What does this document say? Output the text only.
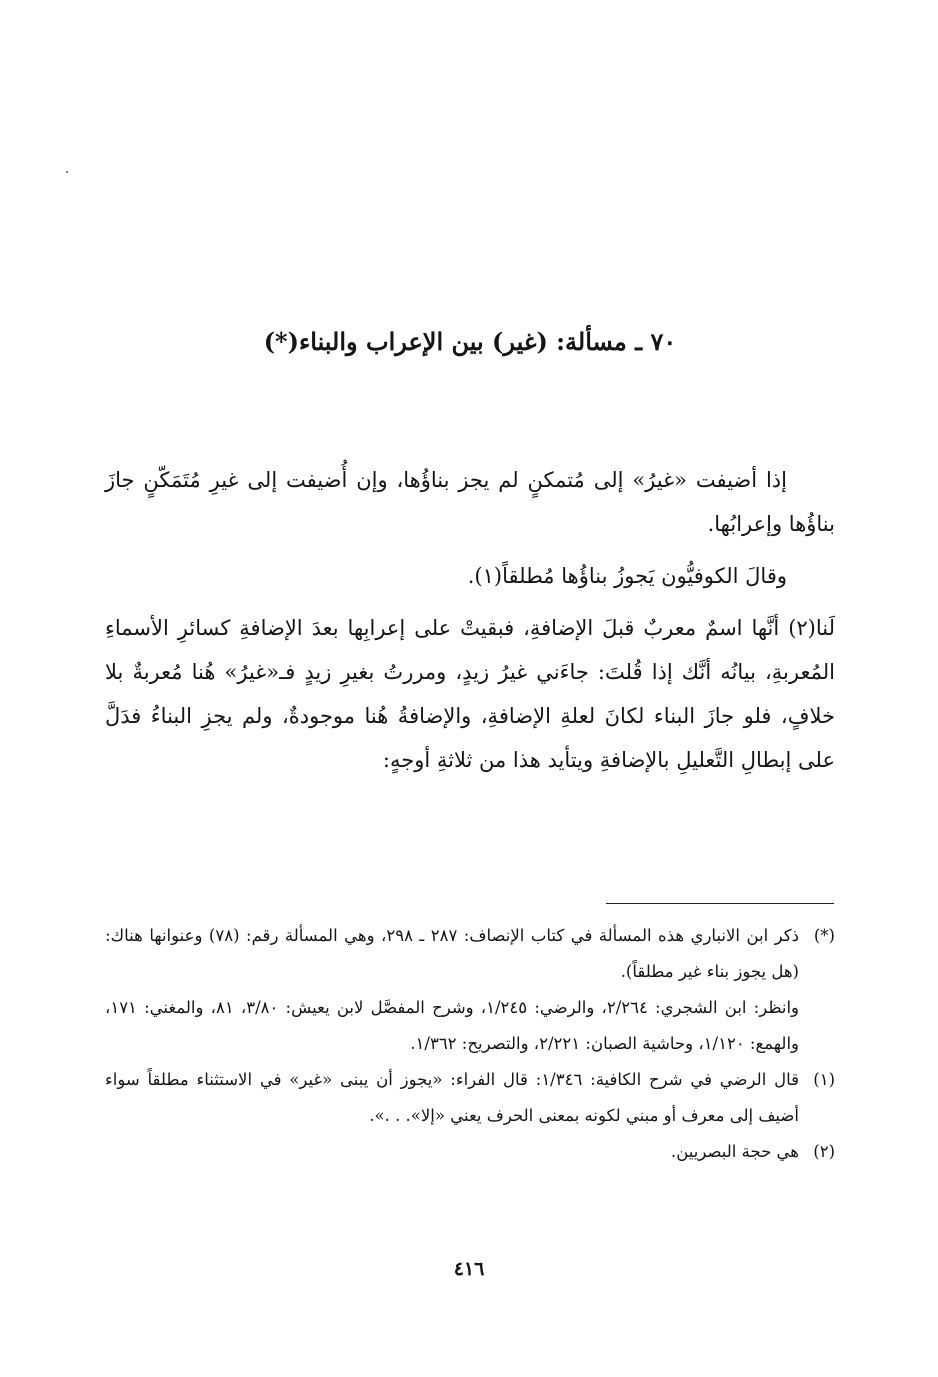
٧٠ ـ مسألة: (غير) بين الإعراب والبناء(*)

إذا أضيفت «غيرُ» إلى مُتمكنٍ لم يجز بناؤُها، وإن أُضيفت إلى غيرِ مُتَمَكّنٍ جازَ بناؤُها وإعرابُها.

وقالَ الكوفيُّون يَجوزُ بناؤُها مُطلقاً(١).

لَنا(٢) أنَّها اسمٌ معربٌ قبلَ الإضافةِ، فبقيتْ على إعرابِها بعدَ الإضافةِ كسائرِ الأسماءِ المُعربةِ، بيانُه أنَّك إذا قُلتَ: جاءَني غيرُ زيدٍ، ومررتُ بغيرِ زيدٍ فـ«غيرُ» هُنا مُعربةٌ بلا خلافٍ، فلو جازَ البناء لكانَ لعلةِ الإضافةِ، والإضافةُ هُنا موجودةٌ، ولم يجزِ البناءُ فدَلَّ على إبطالِ التَّعليلِ بالإضافةِ ويتأيد هذا من ثلاثةِ أوجهٍ:

(*)ذكر ابن الانباري هذه المسألة في كتاب الإنصاف: ٢٨٧ ـ ٢٩٨، وهي المسألة رقم: (٧٨) وعنوانها هناك: (هل يجوز بناء غير مطلقاً).

وانظر: ابن الشجري: ٢/٢٦٤، والرضي: ١/٢٤٥، وشرح المفصَّل لابن يعيش: ٣/٨٠، ٨١، والمغني: ١٧١، والهمع: ١/١٢٠، وحاشية الصبان: ٢/٢٢١، والتصريح: ١/٣٦٢.

(١)قال الرضي في شرح الكافية: ١/٣٤٦: قال الفراء: «يجوز أن يبنى «غير» في الاستثناء مطلقاً سواء أضيف إلى معرف أو مبني لكونه بمعنى الحرف يعني «إلا». . .».

(٢)هي حجة البصريين.

٤١٦
